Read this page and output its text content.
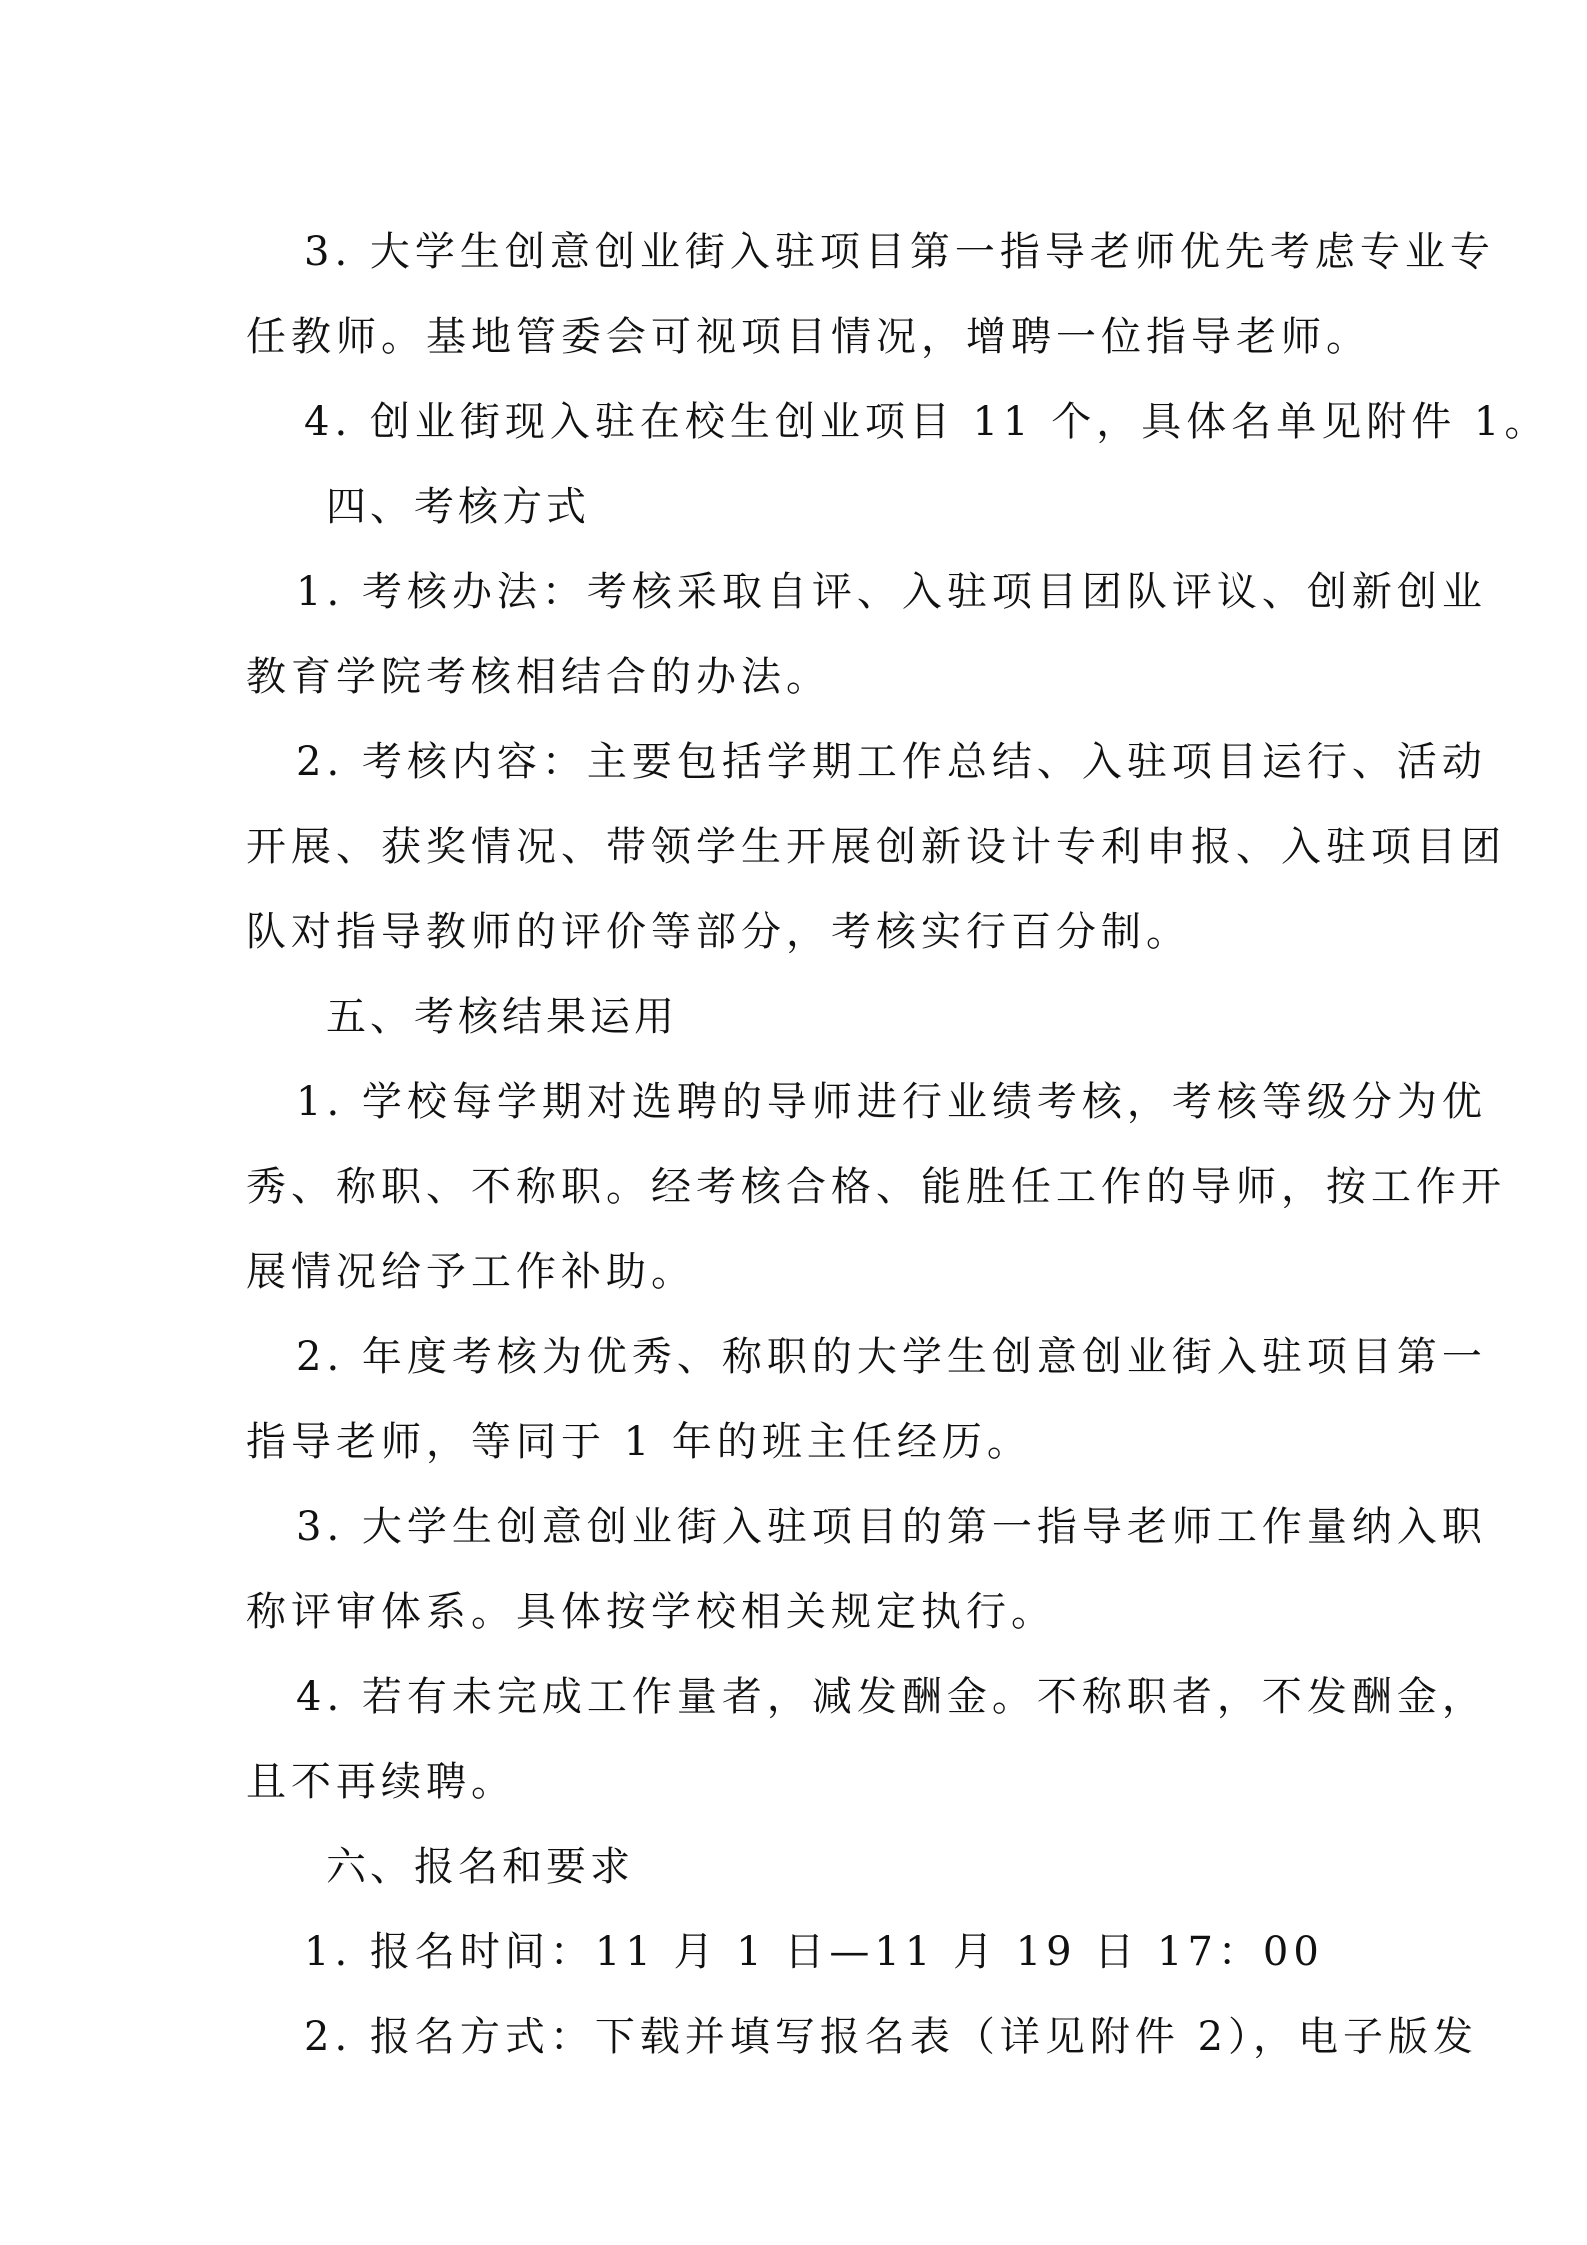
3. 大学生创意创业街入驻项目第一指导老师优先考虑专业专
任教师。基地管委会可视项目情况，增聘一位指导老师。
4. 创业街现入驻在校生创业项目 11 个，具体名单见附件 1。
四、考核方式
1. 考核办法：考核采取自评、入驻项目团队评议、创新创业
教育学院考核相结合的办法。
2. 考核内容：主要包括学期工作总结、入驻项目运行、活动
开展、获奖情况、带领学生开展创新设计专利申报、入驻项目团
队对指导教师的评价等部分，考核实行百分制。
五、考核结果运用
1. 学校每学期对选聘的导师进行业绩考核，考核等级分为优
秀、称职、不称职。经考核合格、能胜任工作的导师，按工作开
展情况给予工作补助。
2. 年度考核为优秀、称职的大学生创意创业街入驻项目第一
指导老师，等同于 1 年的班主任经历。
3. 大学生创意创业街入驻项目的第一指导老师工作量纳入职
称评审体系。具体按学校相关规定执行。
4. 若有未完成工作量者，减发酬金。不称职者，不发酬金，
且不再续聘。
六、报名和要求
1. 报名时间：11 月 1 日—11 月 19 日 17：00
2. 报名方式：下载并填写报名表（详见附件 2），电子版发
